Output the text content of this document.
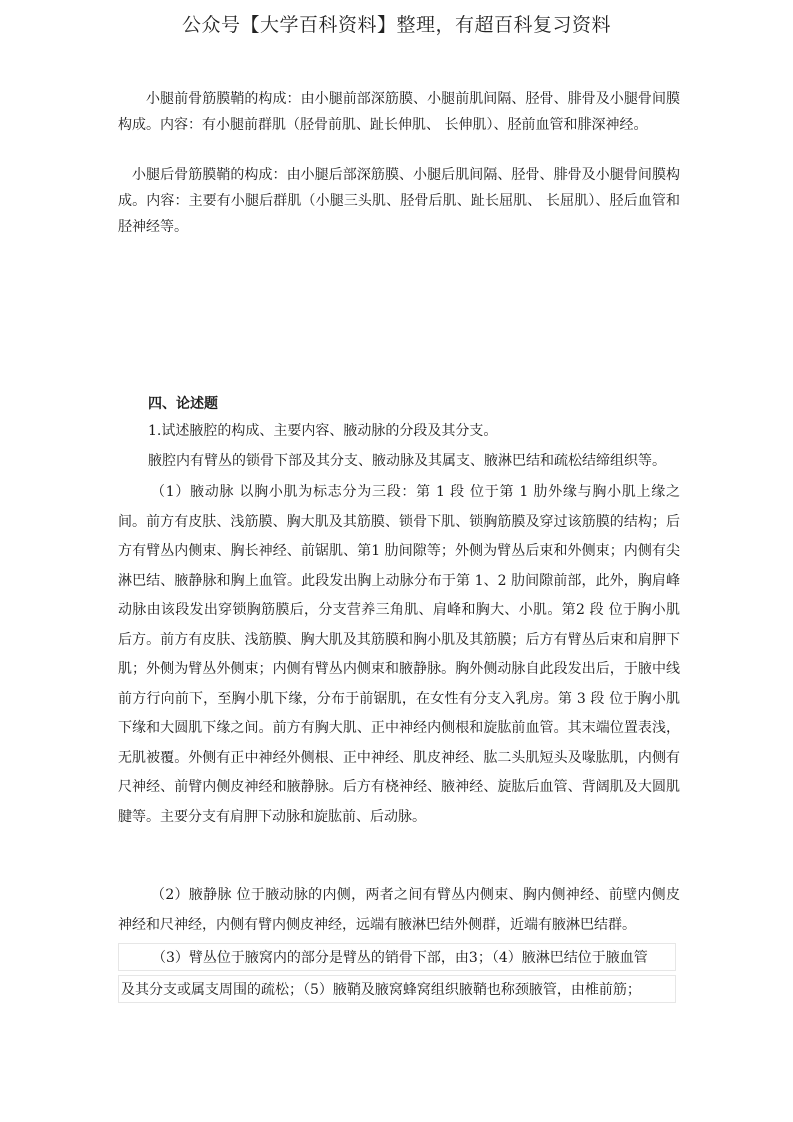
公众号【大学百科资料】整理，有超百科复习资料

小腿前骨筋膜鞘的构成：由小腿前部深筋膜、小腿前肌间隔、胫骨、腓骨及小腿骨间膜构成。内容：有小腿前群肌（胫骨前肌、趾长伸肌、 长伸肌）、胫前血管和腓深神经。

小腿后骨筋膜鞘的构成：由小腿后部深筋膜、小腿后肌间隔、胫骨、腓骨及小腿骨间膜构成。内容：主要有小腿后群肌（小腿三头肌、胫骨后肌、趾长屈肌、 长屈肌）、胫后血管和胫神经等。

四、论述题

1.试述腋腔的构成、主要内容、腋动脉的分段及其分支。

腋腔内有臂丛的锁骨下部及其分支、腋动脉及其属支、腋淋巴结和疏松结缔组织等。

（1）腋动脉 以胸小肌为标志分为三段：第 1 段 位于第 1 肋外缘与胸小肌上缘之间。前方有皮肤、浅筋膜、胸大肌及其筋膜、锁骨下肌、锁胸筋膜及穿过该筋膜的结构；后方有臂丛内侧束、胸长神经、前锯肌、第1 肋间隙等；外侧为臂丛后束和外侧束；内侧有尖淋巴结、腋静脉和胸上血管。此段发出胸上动脉分布于第 1、2 肋间隙前部，此外，胸肩峰动脉由该段发出穿锁胸筋膜后，分支营养三角肌、肩峰和胸大、小肌。第2 段 位于胸小肌后方。前方有皮肤、浅筋膜、胸大肌及其筋膜和胸小肌及其筋膜；后方有臂丛后束和肩胛下肌；外侧为臂丛外侧束；内侧有臂丛内侧束和腋静脉。胸外侧动脉自此段发出后，于腋中线前方行向前下，至胸小肌下缘，分布于前锯肌，在女性有分支入乳房。第 3 段 位于胸小肌下缘和大圆肌下缘之间。前方有胸大肌、正中神经内侧根和旋肱前血管。其末端位置表浅，无肌被覆。外侧有正中神经外侧根、正中神经、肌皮神经、肱二头肌短头及喙肱肌，内侧有尺神经、前臂内侧皮神经和腋静脉。后方有桡神经、腋神经、旋肱后血管、背阔肌及大圆肌腱等。主要分支有肩胛下动脉和旋肱前、后动脉。

（2）腋静脉 位于腋动脉的内侧，两者之间有臂丛内侧束、胸内侧神经、前壁内侧皮神经和尺神经，内侧有臂内侧皮神经，远端有腋淋巴结外侧群，近端有腋淋巴结群。

（3）臂丛位于腋窝内的部分是臂丛的销骨下部，由3；（4）腋淋巴结位于腋血管
及其分支或属支周围的疏松；（5）腋鞘及腋窝蜂窝组织腋鞘也称颈腋管，由椎前筋；
